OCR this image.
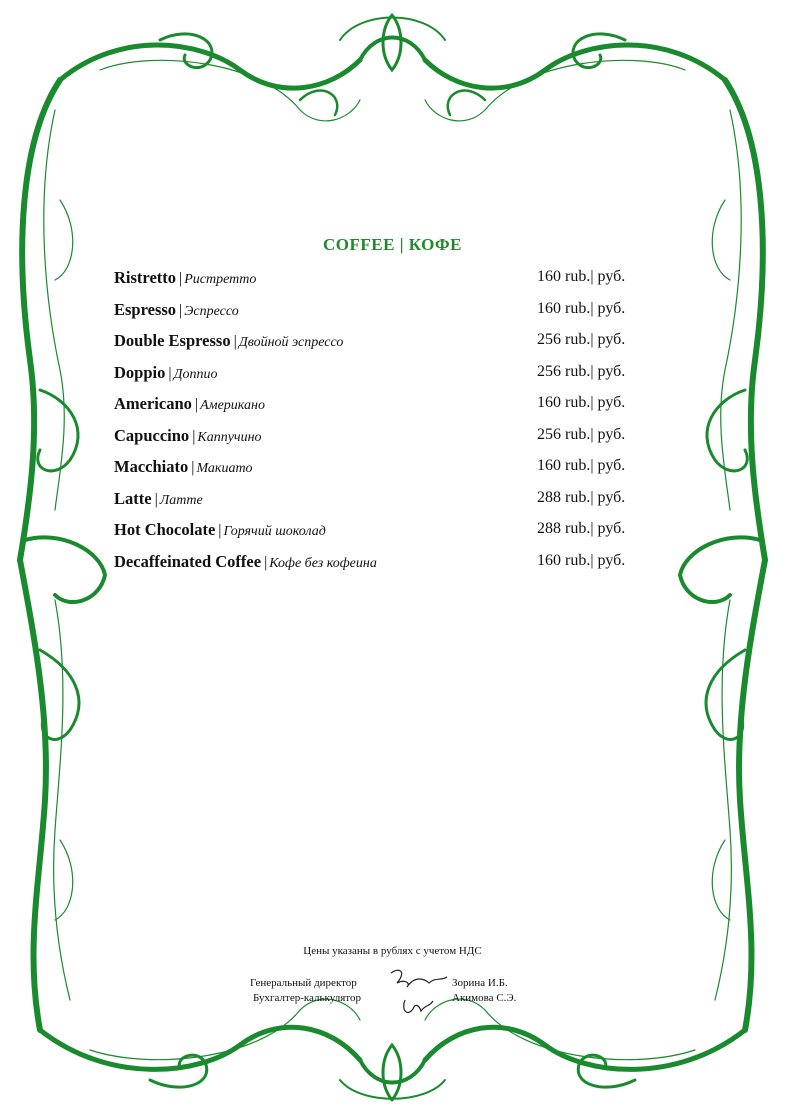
COFFEE | КОФЕ
Ristretto | Ристретто	160 rub.| руб.
Espresso | Эспрессо	160 rub.| руб.
Double Espresso | Двойной эспрессо	256 rub.| руб.
Doppio | Доппио	256 rub.| руб.
Americano | Американо	160 rub.| руб.
Capuccino | Каппучино	256 rub.| руб.
Macchiato | Макиато	160 rub.| руб.
Latte | Латте	288 rub.| руб.
Hot Chocolate | Горячий шоколад	288 rub.| руб.
Decaffeinated Coffee | Кофе без кофеина	160 rub.| руб.
Цены указаны в рублях с учетом НДС
Генеральный директор	Зорина И.Б.
Бухгалтер-калькулятор	Акимова С.Э.
